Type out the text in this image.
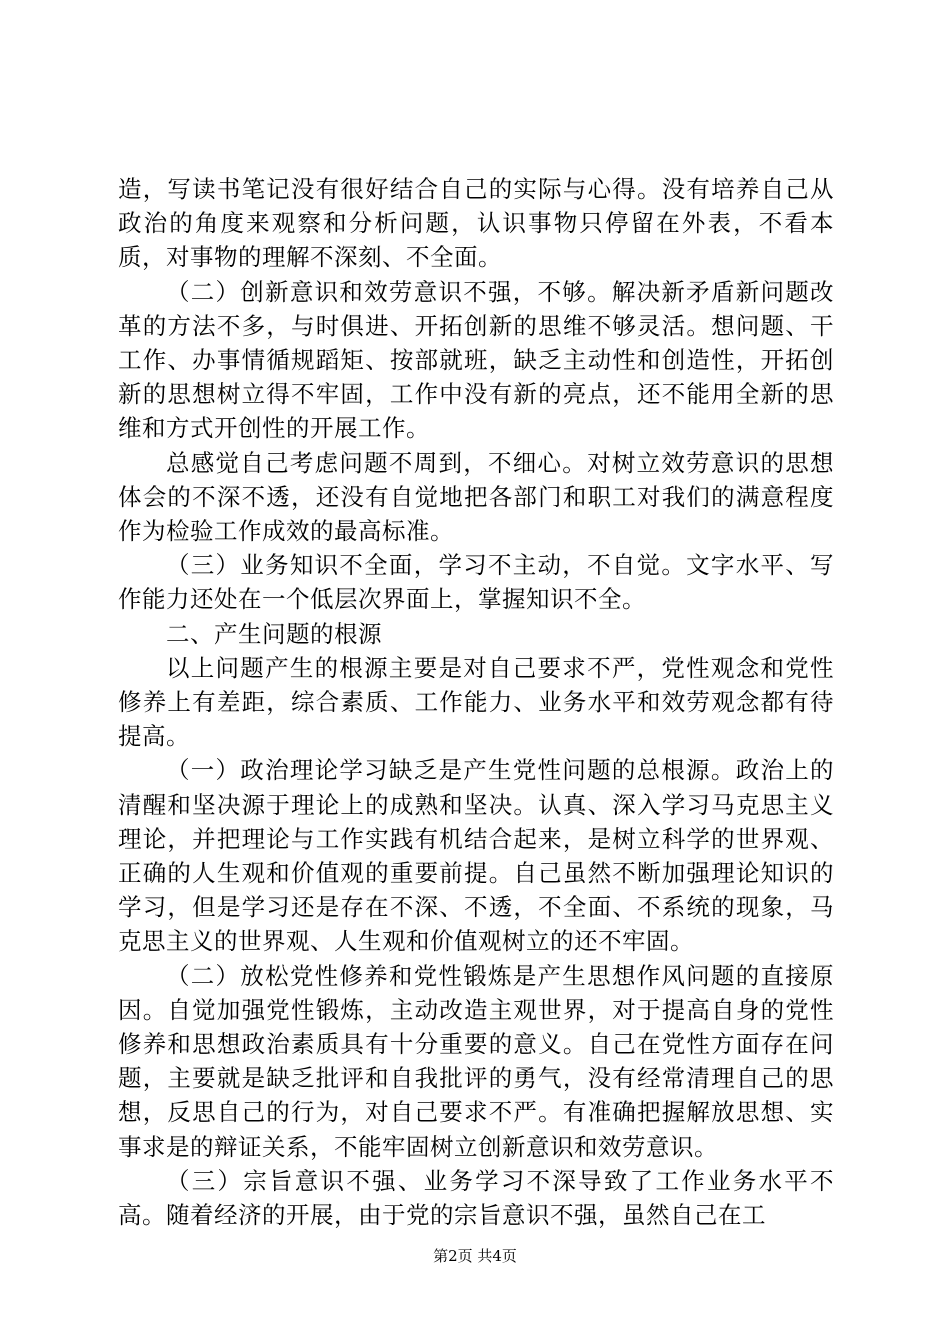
造，写读书笔记没有很好结合自己的实际与心得。没有培养自己从政治的角度来观察和分析问题，认识事物只停留在外表，不看本质，对事物的理解不深刻、不全面。

（二）创新意识和效劳意识不强，不够。解决新矛盾新问题改革的方法不多，与时俱进、开拓创新的思维不够灵活。想问题、干工作、办事情循规蹈矩、按部就班，缺乏主动性和创造性，开拓创新的思想树立得不牢固，工作中没有新的亮点，还不能用全新的思维和方式开创性的开展工作。

总感觉自己考虑问题不周到，不细心。对树立效劳意识的思想体会的不深不透，还没有自觉地把各部门和职工对我们的满意程度作为检验工作成效的最高标准。

（三）业务知识不全面，学习不主动，不自觉。文字水平、写作能力还处在一个低层次界面上，掌握知识不全。

二、产生问题的根源

以上问题产生的根源主要是对自己要求不严，党性观念和党性修养上有差距，综合素质、工作能力、业务水平和效劳观念都有待提高。

（一）政治理论学习缺乏是产生党性问题的总根源。政治上的清醒和坚决源于理论上的成熟和坚决。认真、深入学习马克思主义理论，并把理论与工作实践有机结合起来，是树立科学的世界观、正确的人生观和价值观的重要前提。自己虽然不断加强理论知识的学习，但是学习还是存在不深、不透，不全面、不系统的现象，马克思主义的世界观、人生观和价值观树立的还不牢固。

（二）放松党性修养和党性锻炼是产生思想作风问题的直接原因。自觉加强党性锻炼，主动改造主观世界，对于提高自身的党性修养和思想政治素质具有十分重要的意义。自己在党性方面存在问题，主要就是缺乏批评和自我批评的勇气，没有经常清理自己的思想，反思自己的行为，对自己要求不严。有准确把握解放思想、实事求是的辩证关系，不能牢固树立创新意识和效劳意识。

（三）宗旨意识不强、业务学习不深导致了工作业务水平不高。随着经济的开展，由于党的宗旨意识不强，虽然自己在工

第2页 共4页
